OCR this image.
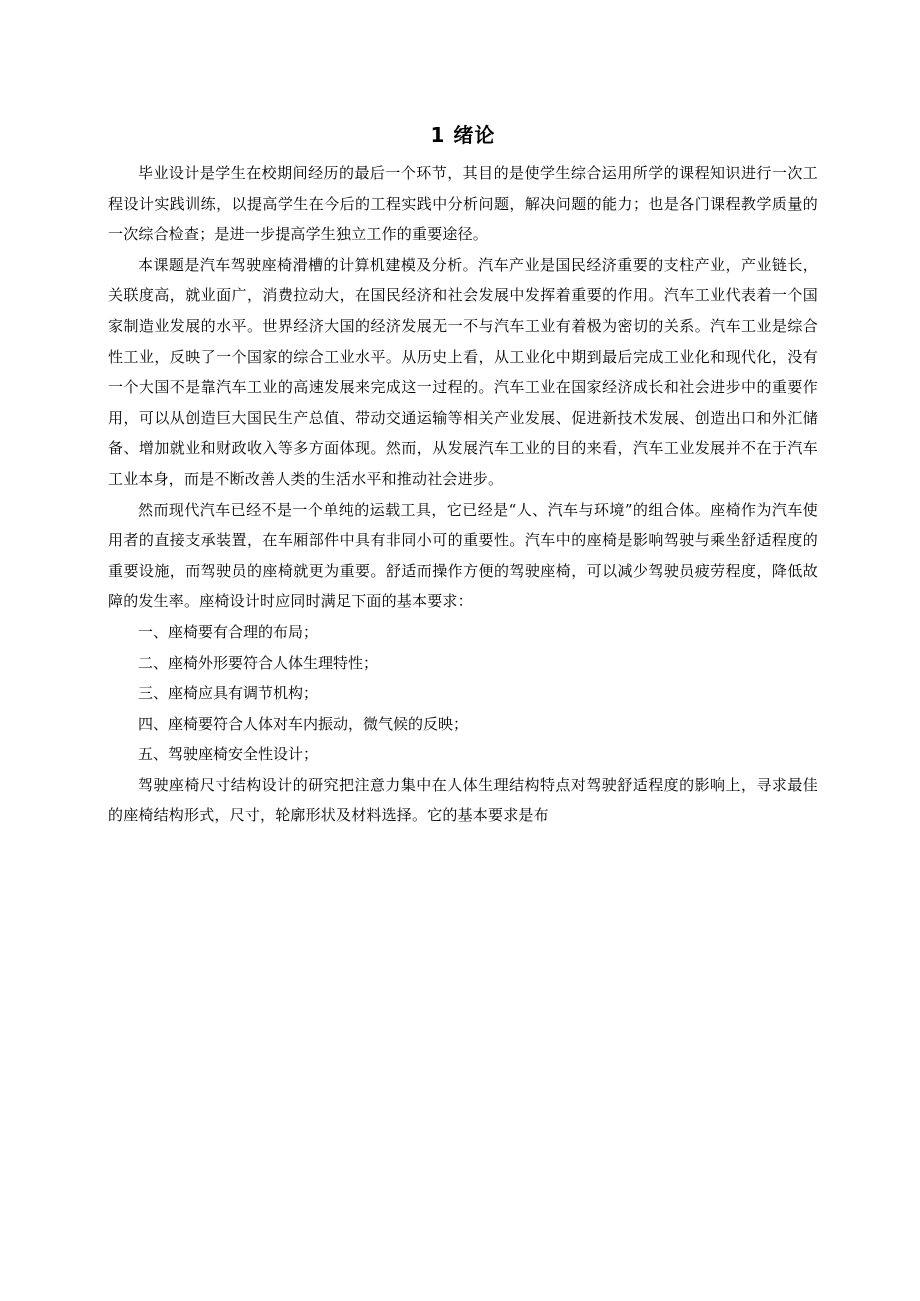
1 绪论

毕业设计是学生在校期间经历的最后一个环节，其目的是使学生综合运用所学的课程知识进行一次工程设计实践训练，以提高学生在今后的工程实践中分析问题，解决问题的能力；也是各门课程教学质量的一次综合检查；是进一步提高学生独立工作的重要途径。

本课题是汽车驾驶座椅滑槽的计算机建模及分析。汽车产业是国民经济重要的支柱产业，产业链长，关联度高，就业面广，消费拉动大，在国民经济和社会发展中发挥着重要的作用。汽车工业代表着一个国家制造业发展的水平。世界经济大国的经济发展无一不与汽车工业有着极为密切的关系。汽车工业是综合性工业，反映了一个国家的综合工业水平。从历史上看，从工业化中期到最后完成工业化和现代化，没有一个大国不是靠汽车工业的高速发展来完成这一过程的。汽车工业在国家经济成长和社会进步中的重要作用，可以从创造巨大国民生产总值、带动交通运输等相关产业发展、促进新技术发展、创造出口和外汇储备、增加就业和财政收入等多方面体现。然而，从发展汽车工业的目的来看，汽车工业发展并不在于汽车工业本身，而是不断改善人类的生活水平和推动社会进步。

然而现代汽车已经不是一个单纯的运载工具，它已经是“人、汽车与环境”的组合体。座椅作为汽车使用者的直接支承装置，在车厢部件中具有非同小可的重要性。汽车中的座椅是影响驾驶与乘坐舒适程度的重要设施，而驾驶员的座椅就更为重要。舒适而操作方便的驾驶座椅，可以减少驾驶员疲劳程度，降低故障的发生率。座椅设计时应同时满足下面的基本要求：

一、座椅要有合理的布局；

二、座椅外形要符合人体生理特性；

三、座椅应具有调节机构；

四、座椅要符合人体对车内振动，微气候的反映；

五、驾驶座椅安全性设计；

驾驶座椅尺寸结构设计的研究把注意力集中在人体生理结构特点对驾驶舒适程度的影响上，寻求最佳的座椅结构形式，尺寸，轮廓形状及材料选择。它的基本要求是布
